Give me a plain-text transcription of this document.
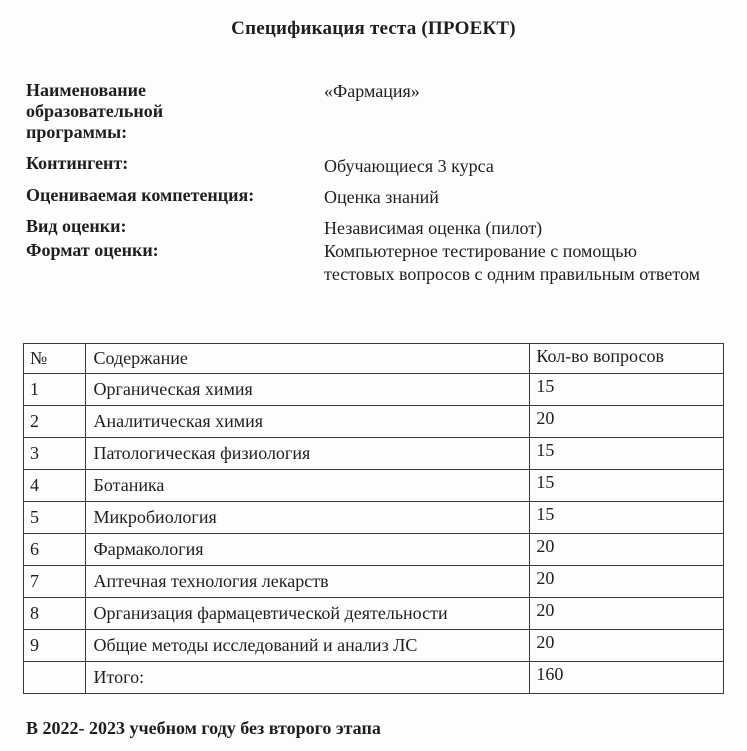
Спецификация теста (ПРОЕКТ)
Наименование образовательной программы:
«Фармация»
Контингент:	Обучающиеся 3 курса
Оцениваемая компетенция:	Оценка знаний
Вид оценки:	Независимая оценка (пилот)
Формат оценки:	Компьютерное тестирование с помощью тестовых вопросов с одним правильным ответом
№	Содержание	Кол-во вопросов
1	Органическая химия	15
2	Аналитическая химия	20
3	Патологическая физиология	15
4	Ботаника	15
5	Микробиология	15
6	Фармакология	20
7	Аптечная технология лекарств	20
8	Организация фармацевтической деятельности	20
9	Общие методы исследований и анализ ЛС	20
	Итого:	160
В 2022- 2023 учебном году без второго этапа
